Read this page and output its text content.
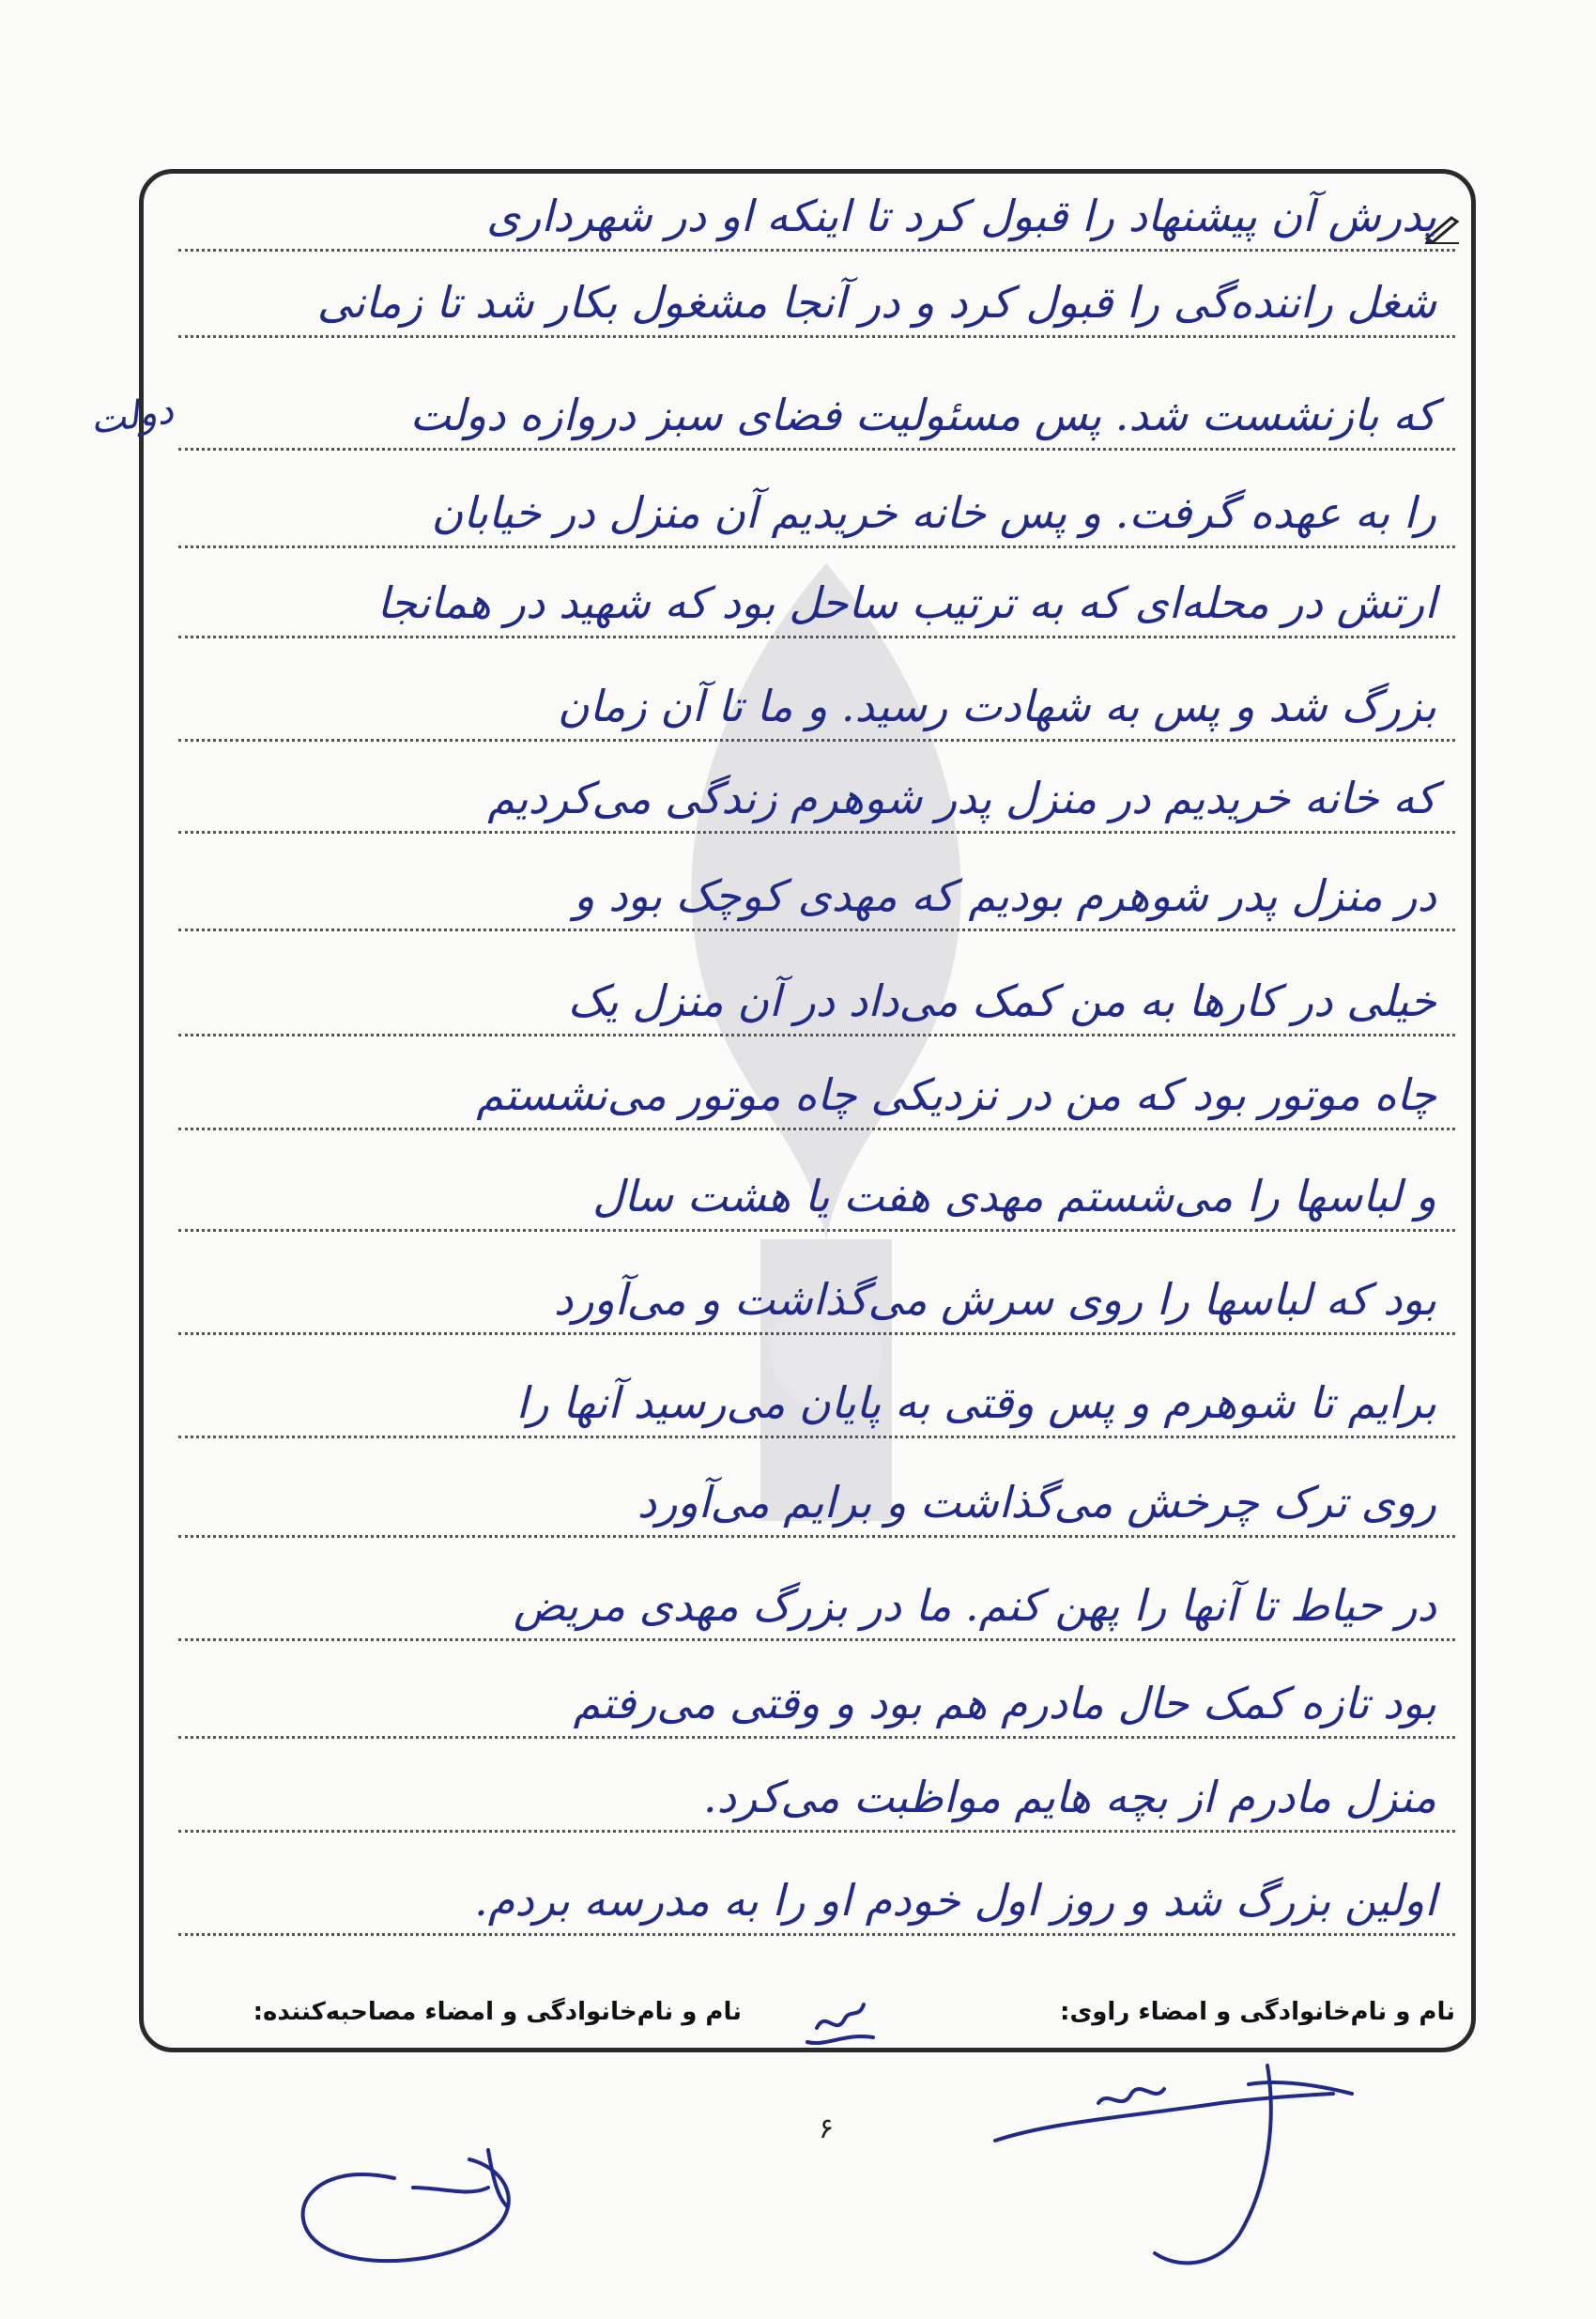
پدرش آن پیشنهاد را قبول کرد تا اینکه او در شهرداری
شغل راننده‌گی را قبول کرد و در آنجا مشغول بکار شد تا زمانی
که بازنشست شد. پس مسئولیت فضای سبز دروازه دولت
را به عهده گرفت. و پس خانه خریدیم آن منزل در خیابان
ارتش در محله‌ای که به ترتیب ساحل بود که شهید در همانجا
بزرگ شد و پس به شهادت رسید. و ما تا آن زمان
که خانه خریدیم در منزل پدر شوهرم زندگی می‌کردیم
در منزل پدر شوهرم بودیم که مهدی کوچک بود و
خیلی در کارها به من کمک می‌داد در آن منزل یک
چاه موتور بود که من در نزدیکی چاه موتور می‌نشستم
و لباسها را می‌شستم مهدی هفت یا هشت سال
بود که لباسها را روی سرش می‌گذاشت و می‌آورد
برایم تا شوهرم و پس وقتی به پایان می‌رسید آنها را
روی ترک چرخش می‌گذاشت و برایم می‌آورد
در حیاط تا آنها را پهن کنم. ما در بزرگ مهدی مریض
بود تازه کمک حال مادرم هم بود و وقتی می‌رفتم
منزل مادرم از بچه هایم مواظبت می‌کرد.
اولین بزرگ شد و روز اول خودم او را به مدرسه بردم.
دولت
نام و نام‌خانوادگی و امضاء راوی:
نام و نام‌خانوادگی و امضاء مصاحبه‌کننده:
۶
